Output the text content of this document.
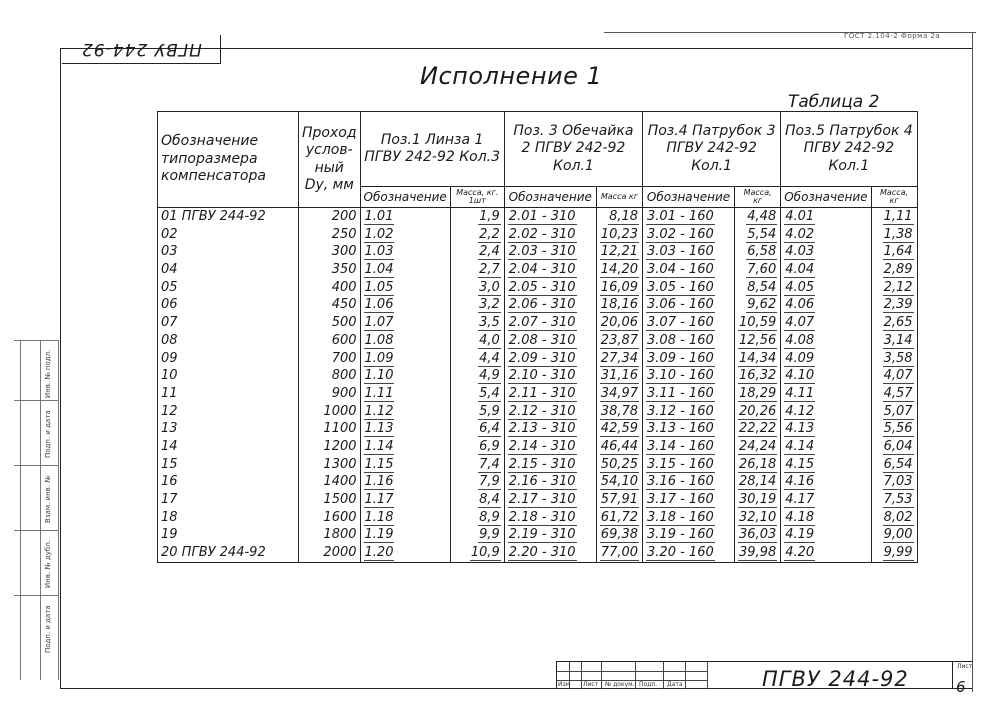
ПГВУ 244-92
ГОСТ 2.104-2 Форма 2а
Исполнение 1
Таблица 2
Обозначение типоразмера компенсатора	Проход услов-ный Dу, мм	Поз.1 Линза 1 ПГВУ 242-92 Кол.3		Поз. 3 Обечайка 2 ПГВУ 242-92 Кол.1		Поз.4 Патрубок 3 ПГВУ 242-92 Кол.1		Поз.5 Патрубок 4 ПГВУ 242-92 Кол.1	
		Обозначение	Масса, кг. 1шт	Обозначение	Масса кг	Обозначение	Масса, кг	Обозначение	Масса, кг
01 ПГВУ 244-92	200	1.01	1,9	2.01 - 310	8,18	3.01 - 160	4,48	4.01	1,11
02	250	1.02	2,2	2.02 - 310	10,23	3.02 - 160	5,54	4.02	1,38
03	300	1.03	2,4	2.03 - 310	12,21	3.03 - 160	6,58	4.03	1,64
04	350	1.04	2,7	2.04 - 310	14,20	3.04 - 160	7,60	4.04	2,89
05	400	1.05	3,0	2.05 - 310	16,09	3.05 - 160	8,54	4.05	2,12
06	450	1.06	3,2	2.06 - 310	18,16	3.06 - 160	9,62	4.06	2,39
07	500	1.07	3,5	2.07 - 310	20,06	3.07 - 160	10,59	4.07	2,65
08	600	1.08	4,0	2.08 - 310	23,87	3.08 - 160	12,56	4.08	3,14
09	700	1.09	4,4	2.09 - 310	27,34	3.09 - 160	14,34	4.09	3,58
10	800	1.10	4,9	2.10 - 310	31,16	3.10 - 160	16,32	4.10	4,07
11	900	1.11	5,4	2.11 - 310	34,97	3.11 - 160	18,29	4.11	4,57
12	1000	1.12	5,9	2.12 - 310	38,78	3.12 - 160	20,26	4.12	5,07
13	1100	1.13	6,4	2.13 - 310	42,59	3.13 - 160	22,22	4.13	5,56
14	1200	1.14	6,9	2.14 - 310	46,44	3.14 - 160	24,24	4.14	6,04
15	1300	1.15	7,4	2.15 - 310	50,25	3.15 - 160	26,18	4.15	6,54
16	1400	1.16	7,9	2.16 - 310	54,10	3.16 - 160	28,14	4.16	7,03
17	1500	1.17	8,4	2.17 - 310	57,91	3.17 - 160	30,19	4.17	7,53
18	1600	1.18	8,9	2.18 - 310	61,72	3.18 - 160	32,10	4.18	8,02
19	1800	1.19	9,9	2.19 - 310	69,38	3.19 - 160	36,03	4.19	9,00
20 ПГВУ 244-92	2000	1.20	10,9	2.20 - 310	77,00	3.20 - 160	39,98	4.20	9,99
Инв. № подл.
Подп. и дата
Взам. инв. №
Инв. № дубл.
Подп. и дата
Изм Лист № докум. Подп. Дата	ПГВУ 244-92
Лист
6
